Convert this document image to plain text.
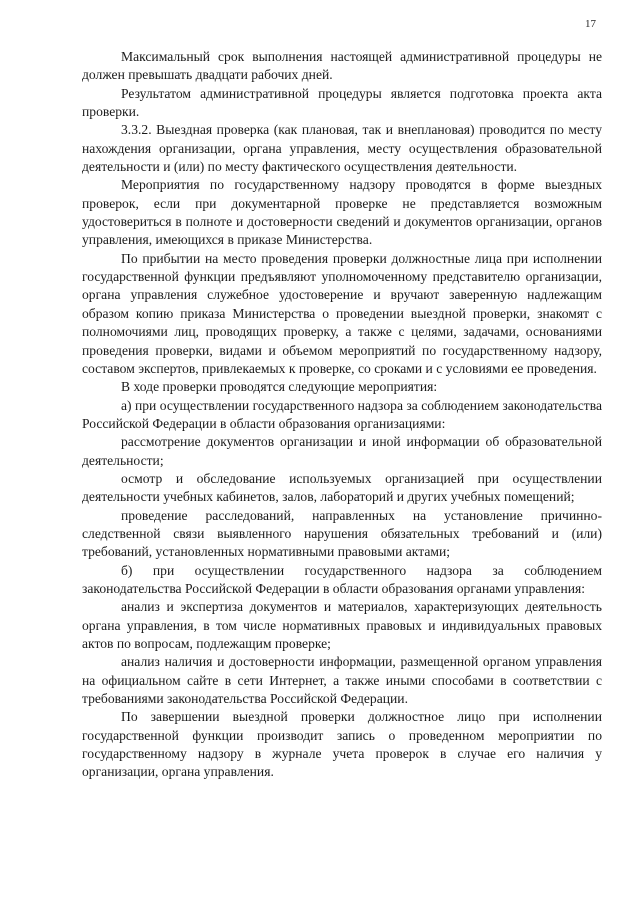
17

Максимальный срок выполнения настоящей административной процедуры не должен превышать двадцати рабочих дней.

Результатом административной процедуры является подготовка проекта акта проверки.

3.3.2. Выездная проверка (как плановая, так и внеплановая) проводится по месту нахождения организации, органа управления, месту осуществления образовательной деятельности и (или) по месту фактического осуществления деятельности.

Мероприятия по государственному надзору проводятся в форме выездных проверок, если при документарной проверке не представляется возможным удостовериться в полноте и достоверности сведений и документов организации, органов управления, имеющихся в приказе Министерства.

По прибытии на место проведения проверки должностные лица при исполнении государственной функции предъявляют уполномоченному представителю организации, органа управления служебное удостоверение и вручают заверенную надлежащим образом копию приказа Министерства о проведении выездной проверки, знакомят с полномочиями лиц, проводящих проверку, а также с целями, задачами, основаниями проведения проверки, видами и объемом мероприятий по государственному надзору, составом экспертов, привлекаемых к проверке, со сроками и с условиями ее проведения.

В ходе проверки проводятся следующие мероприятия:

а) при осуществлении государственного надзора за соблюдением законодательства Российской Федерации в области образования организациями:

рассмотрение документов организации и иной информации об образовательной деятельности;

осмотр и обследование используемых организацией при осуществлении деятельности учебных кабинетов, залов, лабораторий и других учебных помещений;

проведение расследований, направленных на установление причинно-следственной связи выявленного нарушения обязательных требований и (или) требований, установленных нормативными правовыми актами;

б) при осуществлении государственного надзора за соблюдением законодательства Российской Федерации в области образования органами управления:

анализ и экспертиза документов и материалов, характеризующих деятельность органа управления, в том числе нормативных правовых и индивидуальных правовых актов по вопросам, подлежащим проверке;

анализ наличия и достоверности информации, размещенной органом управления на официальном сайте в сети Интернет, а также иными способами в соответствии с требованиями законодательства Российской Федерации.

По завершении выездной проверки должностное лицо при исполнении государственной функции производит запись о проведенном мероприятии по государственному надзору в журнале учета проверок в случае его наличия у организации, органа управления.
